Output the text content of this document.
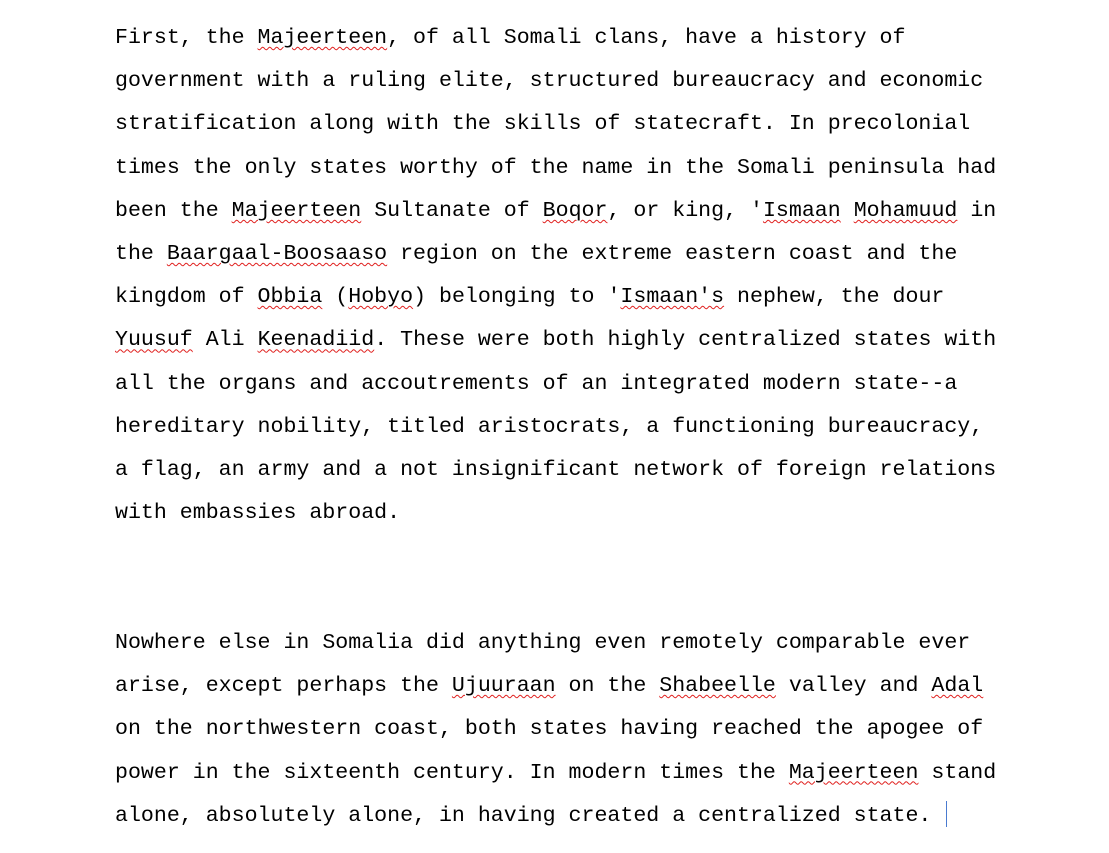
First, the Majeerteen, of all Somali clans, have a history of
government with a ruling elite, structured bureaucracy and economic
stratification along with the skills of statecraft. In precolonial
times the only states worthy of the name in the Somali peninsula had
been the Majeerteen Sultanate of Boqor, or king, 'Ismaan Mohamuud in
the Baargaal-Boosaaso region on the extreme eastern coast and the
kingdom of Obbia (Hobyo) belonging to 'Ismaan's nephew, the dour
Yuusuf Ali Keenadiid. These were both highly centralized states with
all the organs and accoutrements of an integrated modern state--a
hereditary nobility, titled aristocrats, a functioning bureaucracy,
a flag, an army and a not insignificant network of foreign relations
with embassies abroad.
Nowhere else in Somalia did anything even remotely comparable ever
arise, except perhaps the Ujuuraan on the Shabeelle valley and Adal
on the northwestern coast, both states having reached the apogee of
power in the sixteenth century. In modern times the Majeerteen stand
alone, absolutely alone, in having created a centralized state.
